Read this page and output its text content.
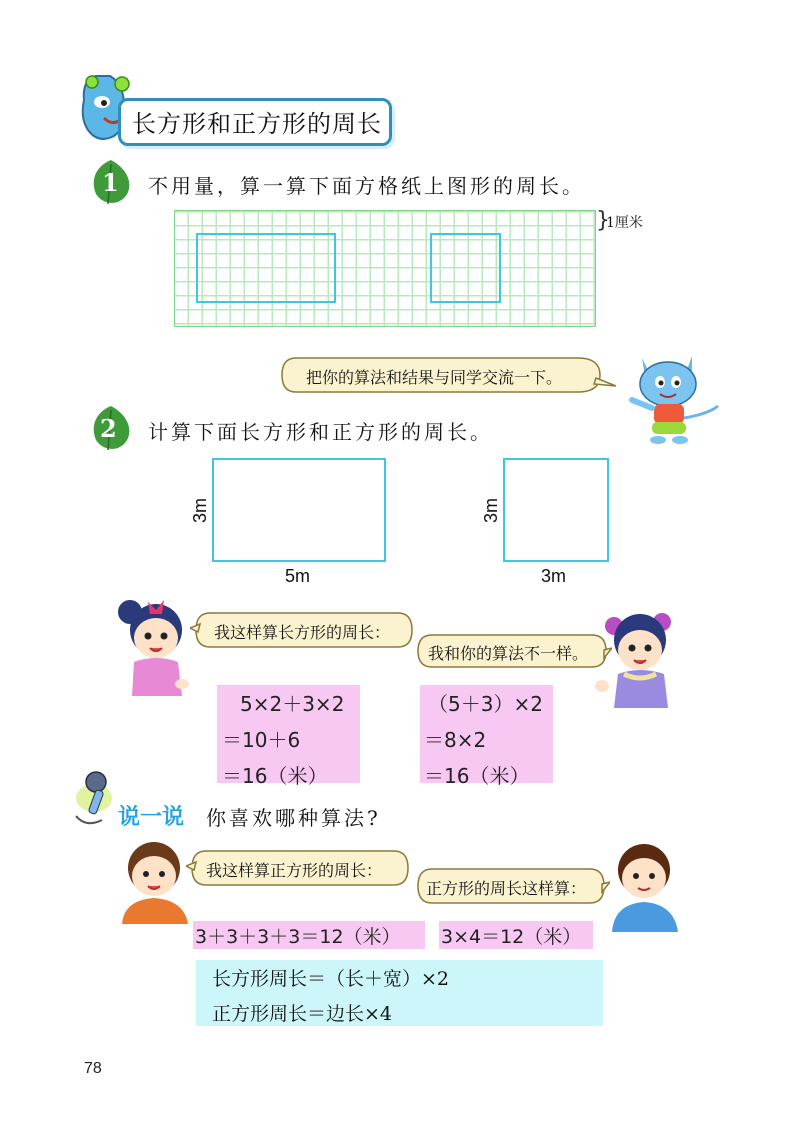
长方形和正方形的周长
1 不用量，算一算下面方格纸上图形的周长。
}
1厘米
把你的算法和结果与同学交流一下。
2 计算下面长方形和正方形的周长。
3m
5m
3m
3m
我这样算长方形的周长：
我和你的算法不一样。
5×2＋3×2
＝10＋6
＝16（米）
（5＋3）×2
＝8×2
＝16（米）
说一说 你喜欢哪种算法?
我这样算正方形的周长：
正方形的周长这样算：
3＋3＋3＋3＝12（米） 3×4＝12（米）
长方形周长＝（长＋宽）×2
正方形周长＝边长×4
78
